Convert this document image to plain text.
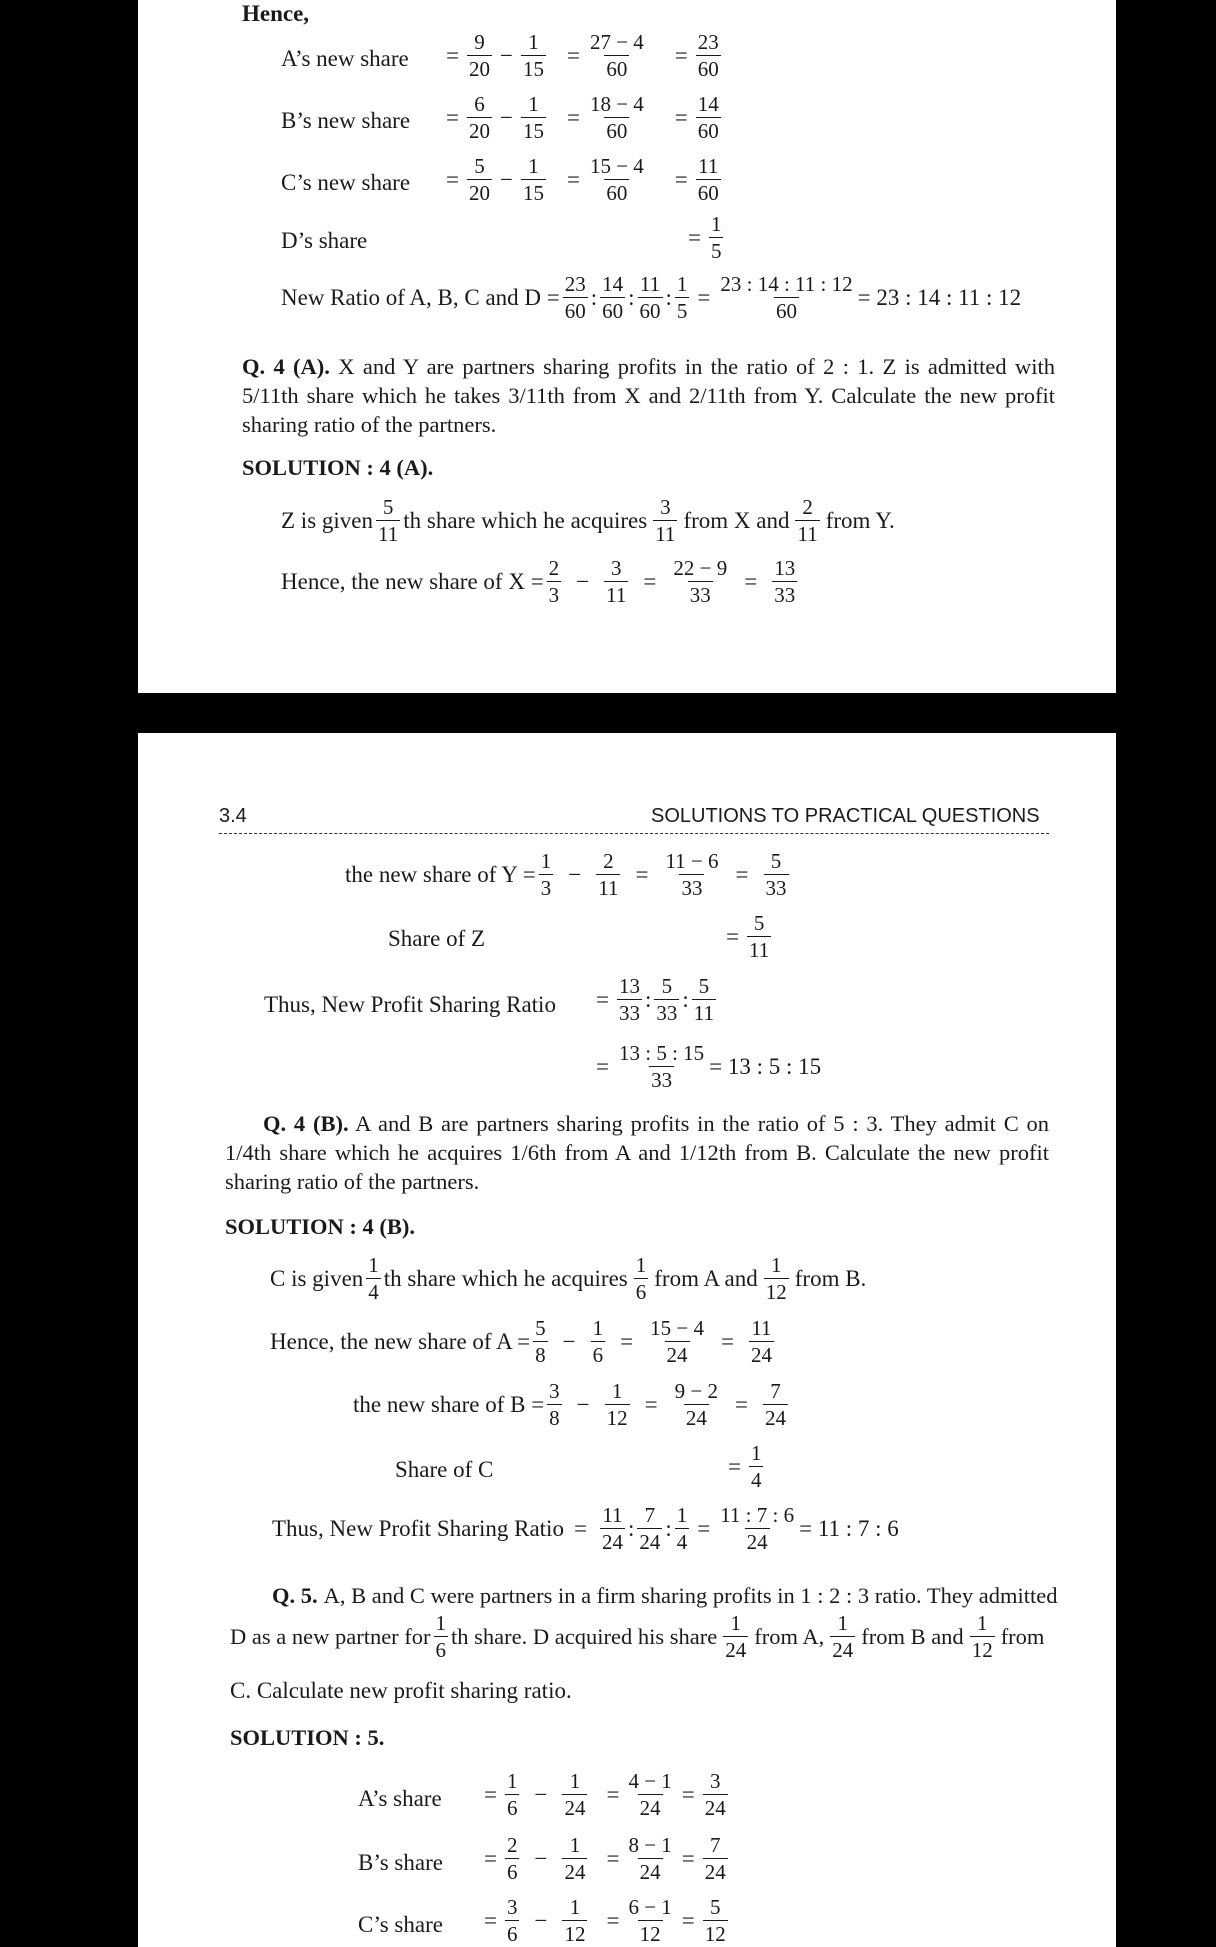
Hence,
A’s new share = $\frac{9}{20} - \frac{1}{15} = \frac{27 - 4}{60} = \frac{23}{60}$
B’s new share = $\frac{6}{20} - \frac{1}{15} = \frac{18 - 4}{60} = \frac{14}{60}$
C’s new share = $\frac{5}{20} - \frac{1}{15} = \frac{15 - 4}{60} = \frac{11}{60}$
D’s share	= $\frac{1}{5}$
New Ratio of A, B, C and $D = \frac{23}{60}$ : $\frac{14}{60}$ : $\frac{11}{60}$ : $\frac{1}{5} = \frac{23 : 14 : 11 : 12}{60} = 23$ : 14 : 11 : 12
Q. 4 (A). X and Y are partners sharing profits in the ratio of 2 : 1. Z is admitted with 5/11th share which he takes 3/11th from X and 2/11th from Y. Calculate the new profit sharing ratio of the partners.
SOLUTION : 4 (A).
Z is given $\frac{5}{11}$ th share which he acquires $\frac{3}{11}$ from X and $\frac{2}{11}$ from Y.
Hence, the new share of $X = \frac{2}{3} - \frac{3}{11} = \frac{22 - 9}{33} = \frac{13}{33}$
3.4	SOLUTIONS TO PRACTICAL QUESTIONS
the new share of $Y = \frac{1}{3} - \frac{2}{11} = \frac{11 - 6}{33} = \frac{5}{33}$
Share of Z	= $\frac{5}{11}$
Thus, New Profit Sharing Ratio = $\frac{13}{33}$ : $\frac{5}{33}$ : $\frac{5}{11}$
= $\frac{13 : 5 : 15}{33} = 13$ : 5 : 15
Q. 4 (B). A and B are partners sharing profits in the ratio of 5 : 3. They admit C on 1/4th share which he acquires 1/6th from A and 1/12th from B. Calculate the new profit sharing ratio of the partners.
SOLUTION : 4 (B).
C is given $\frac{1}{4}$ th share which he acquires $\frac{1}{6}$ from A and $\frac{1}{12}$ from B.
Hence, the new share of $A = \frac{5}{8} - \frac{1}{6} = \frac{15 - 4}{24} = \frac{11}{24}$
the new share of $B = \frac{3}{8} - \frac{1}{12} = \frac{9 - 2}{24} = \frac{7}{24}$
Share of C	= $\frac{1}{4}$
Thus, New Profit Sharing Ratio = $\frac{11}{24}$ : $\frac{7}{24}$ : $\frac{1}{4} = \frac{11 : 7 : 6}{24} = 11$ : 7 : 6
Q. 5. A, B and C were partners in a firm sharing profits in 1 : 2 : 3 ratio. They admitted
D as a new partner for $\frac{1}{6}$ th share. D acquired his share $\frac{1}{24}$ from A, $\frac{1}{24}$ from B and $\frac{1}{12}$ from
C. Calculate new profit sharing ratio.
SOLUTION : 5.
A’s share = $\frac{1}{6} - \frac{1}{24} = \frac{4 - 1}{24} = \frac{3}{24}$
B’s share = $\frac{2}{6} - \frac{1}{24} = \frac{8 - 1}{24} = \frac{7}{24}$
C’s share = $\frac{3}{6} - \frac{1}{12} = \frac{6 - 1}{12} = \frac{5}{12}$
